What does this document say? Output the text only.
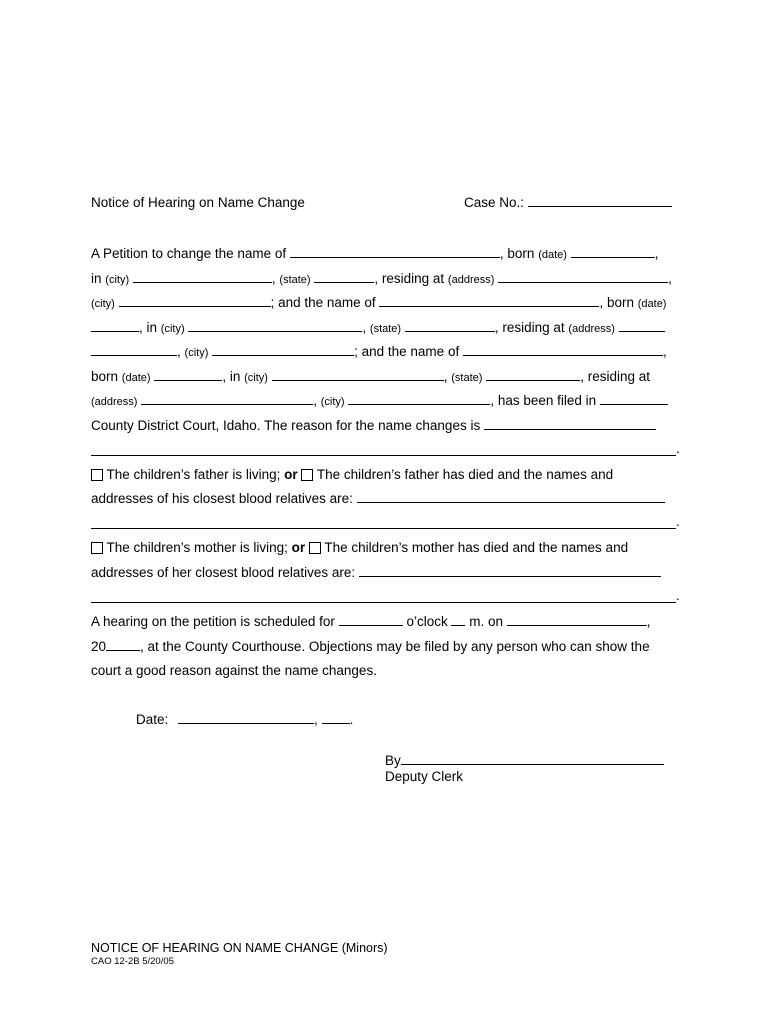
Notice of Hearing on Name Change	Case No.:
A Petition to change the name of	, born (date)	,
in (city)	, (state)	, residing at (address)	,
(city)	; and the name of	, born (date)
, in (city)	, (state)	, residing at (address)
, (city)	; and the name of	,
born (date)	, in (city)	, (state)	, residing at
(address)	, (city)	, has been filed in
County District Court, Idaho. The reason for the name changes is
.
The children’s father is living; or The children’s father has died and the names and
addresses of his closest blood relatives are:
.
The children’s mother is living; or The children’s mother has died and the names and
addresses of her closest blood relatives are:
.
A hearing on the petition is scheduled for	o’clock m. on	,
20	, at the County Courthouse. Objections may be filed by any person who can show the
court a good reason against the name changes.
Date:	, .
By
Deputy Clerk
NOTICE OF HEARING ON NAME CHANGE (Minors)
CAO 12-2B 5/20/05
